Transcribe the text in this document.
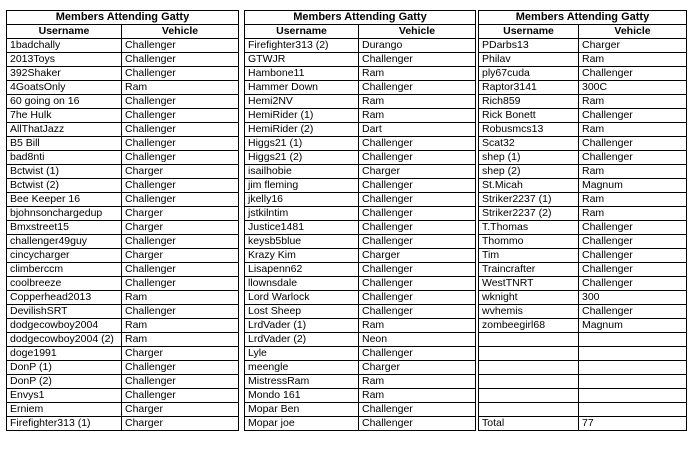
Members Attending Gatty	
Username	Vehicle
1badchally	Challenger
2013Toys	Challenger
392Shaker	Challenger
4GoatsOnly	Ram
60 going on 16	Challenger
7he Hulk	Challenger
AllThatJazz	Challenger
B5 Bill	Challenger
bad8nti	Challenger
Bctwist (1)	Charger
Bctwist (2)	Challenger
Bee Keeper 16	Challenger
bjohnsonchargedup	Charger
Bmxstreet15	Charger
challenger49guy	Challenger
cincycharger	Charger
climberccm	Challenger
coolbreeze	Challenger
Copperhead2013	Ram
DevilishSRT	Challenger
dodgecowboy2004	Ram
dodgecowboy2004 (2)	Ram
doge1991	Charger
DonP (1)	Challenger
DonP (2)	Challenger
Envys1	Challenger
Erniem	Charger
Firefighter313 (1)	Charger
Members Attending Gatty	
Username	Vehicle
Firefighter313 (2)	Durango
GTWJR	Challenger
Hambone11	Ram
Hammer Down	Challenger
Hemi2NV	Ram
HemiRider (1)	Ram
HemiRider (2)	Dart
Higgs21 (1)	Challenger
Higgs21 (2)	Challenger
isailhobie	Charger
jim fleming	Challenger
jkelly16	Challenger
jstkilntim	Challenger
Justice1481	Challenger
keysb5blue	Challenger
Krazy Kim	Charger
Lisapenn62	Challenger
llownsdale	Challenger
Lord Warlock	Challenger
Lost Sheep	Challenger
LrdVader (1)	Ram
LrdVader (2)	Neon
Lyle	Challenger
meengle	Charger
MistressRam	Ram
Mondo 161	Ram
Mopar Ben	Challenger
Mopar joe	Challenger
Members Attending Gatty	
Username	Vehicle
PDarbs13	Charger
Philav	Ram
ply67cuda	Challenger
Raptor3141	300C
Rich859	Ram
Rick Bonett	Challenger
Robusmcs13	Ram
Scat32	Challenger
shep (1)	Challenger
shep (2)	Ram
St.Micah	Magnum
Striker2237 (1)	Ram
Striker2237 (2)	Ram
T.Thomas	Challenger
Thommo	Challenger
Tim	Challenger
Traincrafter	Challenger
WestTNRT	Challenger
wknight	300
wvhemis	Challenger
zombeegirl68	Magnum

Total	77
